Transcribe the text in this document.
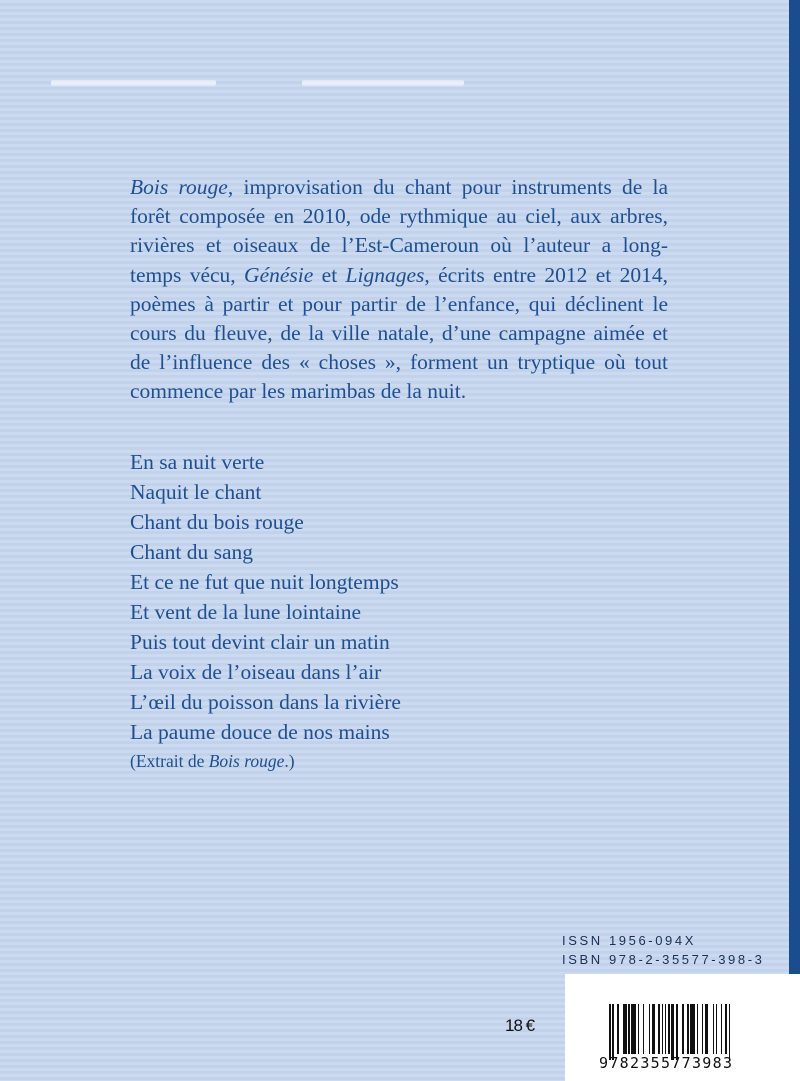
Bois rouge, improvisation du chant pour instruments de la
forêt composée en 2010, ode rythmique au ciel, aux arbres,
rivières et oiseaux de l’Est-Cameroun où l’auteur a long-
temps vécu, Génésie et Lignages, écrits entre 2012 et 2014,
poèmes à partir et pour partir de l’enfance, qui déclinent le
cours du fleuve, de la ville natale, d’une campagne aimée et
de l’influence des « choses », forment un tryptique où tout
commence par les marimbas de la nuit.
En sa nuit verte
Naquit le chant
Chant du bois rouge
Chant du sang
Et ce ne fut que nuit longtemps
Et vent de la lune lointaine
Puis tout devint clair un matin
La voix de l’oiseau dans l’air
L’œil du poisson dans la rivière
La paume douce de nos mains
(Extrait de Bois rouge.)
ISSN 1956-094X
ISBN 978-2-35577-398-3
18 €
9782355773983
